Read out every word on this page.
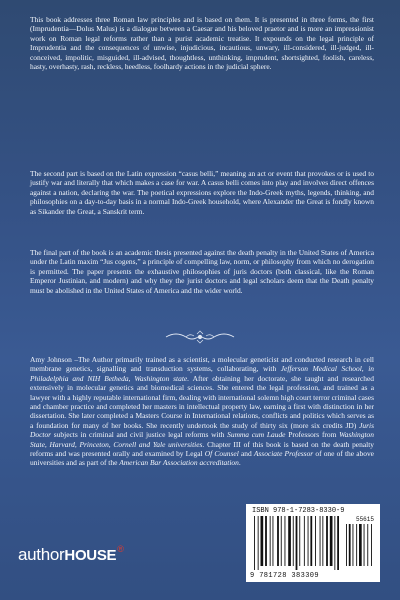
This book addresses three Roman law principles and is based on them. It is presented in three forms, the first (Imprudentia—Dolus Malus) is a dialogue between a Caesar and his beloved praetor and is more an impressionist work on Roman legal reforms rather than a purist academic treatise. It expounds on the legal principle of Imprudentia and the consequences of unwise, injudicious, incautious, unwary, ill-considered, ill-judged, ill-conceived, impolitic, misguided, ill-advised, thoughtless, unthinking, imprudent, shortsighted, foolish, careless, hasty, overhasty, rash, reckless, heedless, foolhardy actions in the judicial sphere.

The second part is based on the Latin expression “casus belli,” meaning an act or event that provokes or is used to justify war and literally that which makes a case for war. A casus belli comes into play and involves direct offences against a nation, declaring the war. The poetical expressions explore the Indo-Greek myths, legends, thinking, and philosophies on a day-to-day basis in a normal Indo-Greek household, where Alexander the Great is fondly known as Sikander the Great, a Sanskrit term.

The final part of the book is an academic thesis presented against the death penalty in the United States of America under the Latin maxim “Jus cogens,” a principle of compelling law, norm, or philosophy from which no derogation is permitted. The paper presents the exhaustive philosophies of juris doctors (both classical, like the Roman Emperor Justinian, and modern) and why they the jurist doctors and legal scholars deem that the Death penalty must be abolished in the United States of America and the wider world.

Amy Johnson –The Author primarily trained as a scientist, a molecular geneticist and conducted research in cell membrane genetics, signalling and transduction systems, collaborating, with Jefferson Medical School, in Philadelphia and NIH Betheda, Washington state. After obtaining her doctorate, she taught and researched extensively in molecular genetics and biomedical sciences. She entered the legal profession, and trained as a lawyer with a highly reputable international firm, dealing with international solemn high court terror criminal cases and chamber practice and completed her masters in intellectual property law, earning a first with distinction in her dissertation. She later completed a Masters Course in International relations, conflicts and politics which serves as a foundation for many of her books. She recently undertook the study of thirty six (more six credits JD) Juris Doctor subjects in criminal and civil justice legal reforms with Summa cum Laude Professors from Washington State, Harvard, Princeton, Cornell and Yale universities. Chapter III of this book is based on the death penalty reforms and was presented orally and examined by Legal Of Counsel and Associate Professor of one of the above universities and as part of the American Bar Association accreditation.

authorHOUSE®
ISBN 978-1-7283-8330-9
55615
9 781728 383309
